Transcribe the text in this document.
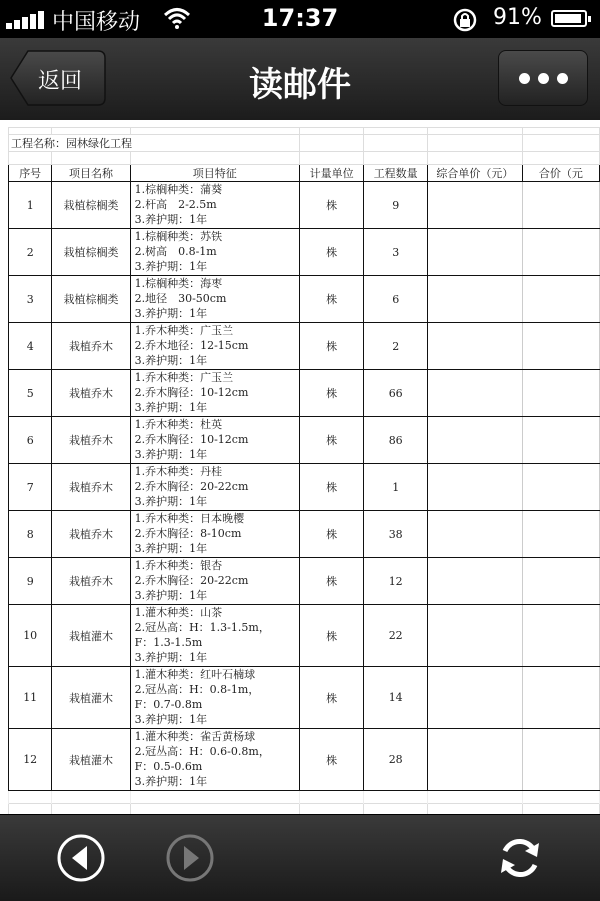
中国移动	17:37	91%
返回	读邮件

工程名称：园林绿化工程						

序号	项目名称	项目特征	计量单位	工程数量	综合单价（元）	合价（元
1	栽植棕榈类	1.棕榈种类：蒲葵
2.杆高　2-2.5m
3.养护期：1年	株	9		
2	栽植棕榈类	1.棕榈种类：苏铁
2.树高　0.8-1m
3.养护期：1年	株	3		
3	栽植棕榈类	1.棕榈种类：海枣
2.地径　30-50cm
3.养护期：1年	株	6		
4	栽植乔木	1.乔木种类：广玉兰
2.乔木地径：12-15cm
3.养护期：1年	株	2		
5	栽植乔木	1.乔木种类：广玉兰
2.乔木胸径：10-12cm
3.养护期：1年	株	66		
6	栽植乔木	1.乔木种类：杜英
2.乔木胸径：10-12cm
3.养护期：1年	株	86		
7	栽植乔木	1.乔木种类：丹桂
2.乔木胸径：20-22cm
3.养护期：1年	株	1		
8	栽植乔木	1.乔木种类：日本晚樱
2.乔木胸径：8-10cm
3.养护期：1年	株	38		
9	栽植乔木	1.乔木种类：银杏
2.乔木胸径：20-22cm
3.养护期：1年	株	12		
10	栽植灌木	1.灌木种类：山茶
2.冠丛高：H：1.3-1.5m，
F：1.3-1.5m
3.养护期：1年	株	22		
11	栽植灌木	1.灌木种类：红叶石楠球
2.冠丛高：H：0.8-1m，
F：0.7-0.8m
3.养护期：1年	株	14		
12	栽植灌木	1.灌木种类：雀舌黄杨球
2.冠丛高：H：0.6-0.8m，
F：0.5-0.6m
3.养护期：1年	株	28		
